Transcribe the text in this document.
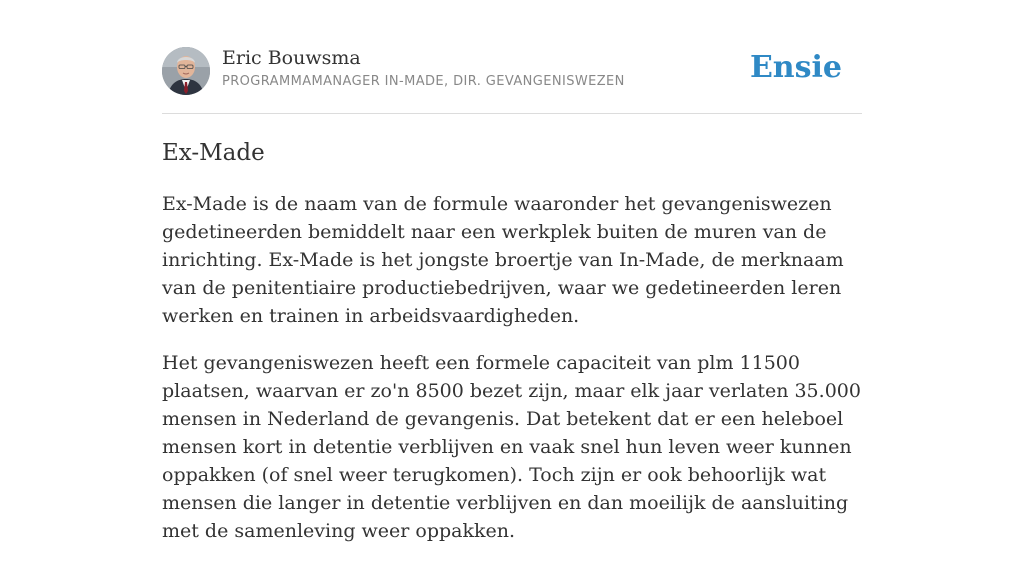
Eric Bouwsma
PROGRAMMAMANAGER IN-MADE, DIR. GEVANGENISWEZEN	Ensie
Ex-Made

Ex-Made is de naam van de formule waaronder het gevangeniswezen gedetineerden bemiddelt naar een werkplek buiten de muren van de inrichting. Ex-Made is het jongste broertje van In-Made, de merknaam van de penitentiaire productiebedrijven, waar we gedetineerden leren werken en trainen in arbeidsvaardigheden.

Het gevangeniswezen heeft een formele capaciteit van plm 11500 plaatsen, waarvan er zo'n 8500 bezet zijn, maar elk jaar verlaten 35.000 mensen in Nederland de gevangenis. Dat betekent dat er een heleboel mensen kort in detentie verblijven en vaak snel hun leven weer kunnen oppakken (of snel weer terugkomen). Toch zijn er ook behoorlijk wat mensen die langer in detentie verblijven en dan moeilijk de aansluiting met de samenleving weer oppakken.
